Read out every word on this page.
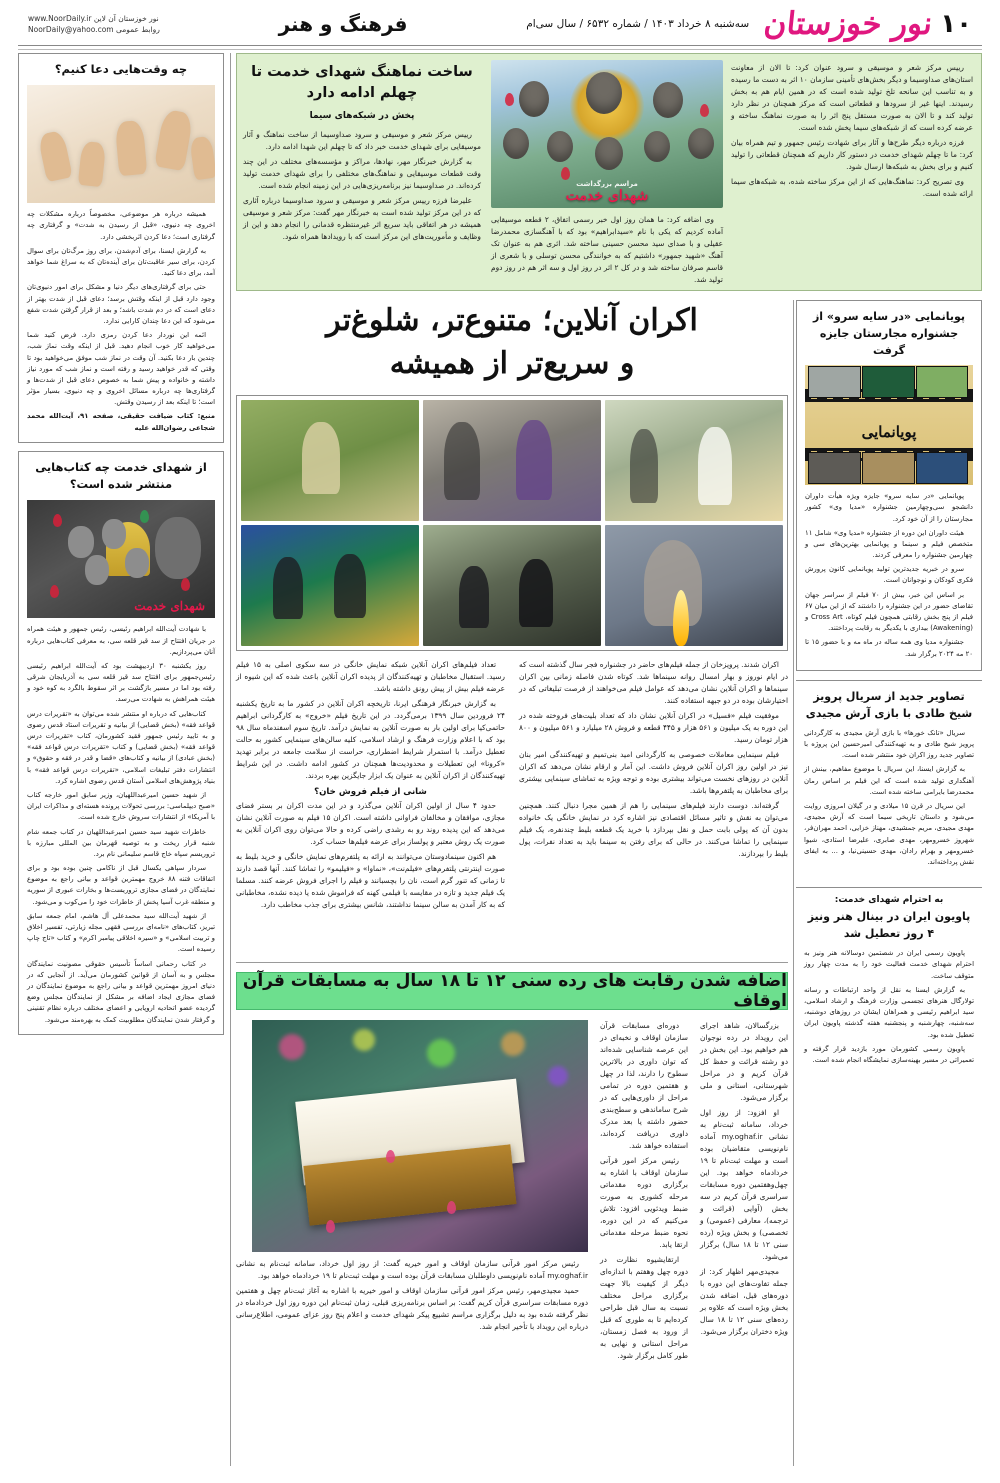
۱۰
نور خوزستان
سه‌شنبه ۸ خرداد ۱۴۰۳ / شماره ۶۵۳۲ / سال سی‌ام
فرهنگ و هنر
نور خوزستان آن لاین www.NoorDaily.ir
روابط عمومی NoorDaily@yahoo.com
ساخت نماهنگ شهدای خدمت تا چهلم ادامه دارد
پخش در شبکه‌های سیما

رییس مرکز شعر و موسیقی و سرود صداوسیما از ساخت نماهنگ و آثار موسیقایی برای شهدای خدمت خبر داد که تا چهلم این شهدا ادامه دارد.

به گزارش خبرنگار مهر، نهادها، مراکز و مؤسسه‌های مختلف در این چند وقت قطعات موسیقایی و نماهنگ‌های مختلفی را برای شهدای خدمت تولید کرده‌اند. در صداوسیما نیز برنامه‌ریزی‌هایی در این زمینه انجام شده است.

علیرضا فرزه رییس مرکز شعر و موسیقی و سرود صداوسیما درباره آثاری که در این مرکز تولید شده است به خبرنگار مهر گفت: مرکز شعر و موسیقی همیشه در هر اتفاقی باید سریع اثر غیرمنتظره قدمانی را انجام دهد و این از وظایف و مأموریت‌های این مرکز است که با رویدادها همراه شود.

مراسم بزرگداشت
شهدای خدمت

وی اضافه کرد: ما همان روز اول خبر رسمی اتفاق، ۲ قطعه موسیقایی آماده کردیم که یکی با نام «سیدابراهیم» بود که با آهنگسازی محمدرضا عقیلی و با صدای سید محسن حسینی ساخته شد. اثری هم به عنوان تک آهنگ «شهید جمهور» داشتیم که به خوانندگی محسن توسلی و با شعری از قاسم صرفان ساخته شد و در کل ۲ اثر در روز اول و سه اثر هم در روز دوم تولید شد.

رییس مرکز شعر و موسیقی و سرود عنوان کرد: تا الان از معاونت استان‌های صداوسیما و دیگر بخش‌های تأمینی سازمان ۱۰ اثر به دست ما رسیده و به تناسب این سانحه تلخ تولید شده است که در همین ایام هم به بخش رسیدند. اینها غیر از سرودها و قطعاتی است که مرکز همچنان در نظر دارد تولید کند و تا الان به صورت مستقل پنج اثر را به صورت نماهنگ ساخته و عرضه کرده است که از شبکه‌های سیما پخش شده است.

فرزه درباره دیگر طرح‌ها و آثار برای شهادت رئیس جمهور و تیم همراه بیان کرد: ما تا چهلم شهدای خدمت در دستور کار داریم که همچنان قطعاتی را تولید کنیم و برای بخش به شبکه‌ها ارسال شود.

وی تصریح کرد: نماهنگ‌هایی که از این مرکز ساخته شده، به شبکه‌های سیما ارائه شده است.

چه وقت‌هایی دعا کنیم؟

همیشه درباره هر موضوعی، مخصوصاً درباره مشکلات چه اخروی چه دنیوی، «قبل از رسیدن به شدت» و گرفتاری چه گرفتاری است؛ دعا کردن اثربخشی دارد.

به گزارش ایسنا، برای آدم‌شدن، برای روز مرگ‌تان برای سوال کردن، برای سیر عاقبت‌تان برای آینده‌تان که به سراغ شما خواهد آمد، برای دعا کنید.

حتی برای گرفتاری‌های دیگر دنیا و مشکل برای امور دنیوی‌تان وجود دارد قبل از اینکه وقتش برسد؛ دعای قبل از شدت بهتر از دعای است که در دم شدت باشد؛ و بعد از قرار گرفتن شدت شفع می‌شود که این دعا چندان کارایی ندارد.

ائمه این نوردار دعا کردن رمزی دارد. فرض کنید شما می‌خواهید کار خوب انجام دهید. قبل از اینکه وقت نماز شب، چندین بار دعا بکنید. آن وقت در نماز شب موفق می‌خواهید بود تا وقتی که قدر خواهید رسید و رفته است و نماز شب که مورد نیاز داشته و خانواده و پیش‌ شما به خصوص دعای قبل از شدت‌ها و گرفتاری‌ها چه درباره مسائل اخروی و چه دنیوی، بسیار مؤثر است؛ تا اینکه بعد از رسیدن وقتش.

منبع: کتاب ضیافت حقیقی، صفحه ۹۱، آیت‌الله محمد شجاعی رضوان‌الله علیه

از شهدای خدمت چه کتاب‌هایی منتشر شده است؟
شهدای خدمت

با شهادت آیت‌الله ابراهیم رئیسی، رئیس جمهور و هیئت همراه در جریان افتتاح از سد قیز قلعه سی، به معرفی کتاب‌هایی درباره آنان می‌پردازیم.

روز یکشنبه ۳۰ اردیبهشت بود که آیت‌الله ابراهیم رئیسی رئیس‌جمهور برای افتتاح سد قیز قلعه سی به آذربایجان شرقی رفته بود اما در مسیر بازگشت بر اثر سقوط بالگرد به کوه خود و هیئت همراهش به شهادت می‌رسد.

کتاب‌هایی که درباره او منتشر شده می‌توان به «تقریرات درس قواعد فقه» (بخش قضایی) از بیانیه و تقریرات استاد قدس رضوی و به تایید رئیس جمهور فقید کشورمان، کتاب «تقریرات درس قواعد فقه» (بخش قضایی) و کتاب «تقریرات درس قواعد فقه» (بخش عبادی) از بیانیه و کتاب‌های «قضا و قدر در فقه و حقوق» و انتشارات دفتر تبلیغات اسلامی، «تقریرات درس قواعد فقه» با بنیاد پژوهش‌های اسلامی آستان قدس رضوی اشاره کرد.

از شهید حسین امیرعبداللهیان، وزیر سابق امور خارجه کتاب «صبح دیپلماسی: بررسی تحولات پرونده هسته‌ای و مذاکرات ایران با آمریکا» از انتشارات سروش خارج شده است.

خاطرات شهید سید حسین امیرعبداللهیان در کتاب جمعه شام شنبه قرار ریخت و به توصیه قهرمان بین المللی مبارزه با تروریسم سپاه خاج قاسم سلیمانی نام برد.

سردار سپاهی یکسال قبل از ناکامی چنین بوده بود و برای اتفاقات فتنه ۸۸ خروج مهمترین قواعد و بیانی راجع به موضوع نمایندگان در فضای مجازی تروریست‌ها و بخارات عبوری از سوریه و منطقه غرب آسیا پخش از خاطرات خود را می‌کوب و می‌شود.

از شهید آیت‌الله سید محمدعلی آل هاشم، امام جمعه سابق تبریز، کتاب‌های «نامه‌ای بررسی فقهی مجله زیارتی، تفسیر اخلاق و تربیت اسلامی» و «سیره اخلاقی پیامبر اکرم» و کتاب «تاج چاپ رسیده است.

در کتاب رحمانی اساساً تأسیس حقوقی مصونیت نمایندگان مجلس و به آسان از قوانین کشورمان می‌آید. از آنجایی که در دنیای امروز مهمترین قواعد و بیانی راجع به موضوع نمایندگان در فضای مجازی ایجاد اضافه بر مشکل از نمایندگان مجلس وضع گردیده عضو اتحادیه اروپایی و اعضای مختلف درباره نظام تقنینی و گرفتار شدن نمایندگان مطلوبیت کمک به بهره‌مند می‌شود.

پویانمایی «در سایه سرو» از جشنواره مجارستان جایزه گرفت
پویانمایی

پویانمایی «در سایه سرو» جایزه ویژه هیأت داوران دانشجو سی‌وچهارمین جشنواره «مدیا وی» کشور مجارستان را از آن خود کرد.

هیئت داوران این دوره از جشنواره «مدیا وی» شامل ۱۱ متخصص فیلم و سینما و پویانمایی بهترین‌های سی و چهارمین جشنواره را معرفی کردند.

سرو در خبریه جدیدترین تولید پویانمایی کانون پرورش فکری کودکان و نوجوانان است.

بر اساس این خبر، بیش از ۷۰ فیلم از سراسر جهان تقاضای حضور در این جشنواره را داشتند که از این میان ۶۷ فیلم از پنج بخش رقابتی همچون فیلم کوتاه، Cross Art و (Awakening) بیداری با یکدیگر به رقابت پرداختند.

جشنواره مدیا وی همه ساله در ماه مه و با حضور ۱۵ تا ۲۰ مه ۲۰۲۴ برگزار شد.

تصاویر جدید از سریال پرویز شیخ طادی با بازی آرش مجیدی

سریال «تانک خورها» با بازی آرش مجیدی به کارگردانی پرویز شیخ طادی و به تهیه‌کنندگی امیرحسین این پروژه با تصاویر جدید روز اکران خود منتشر شده است.

به گزارش ایسنا، این سریال با موضوع مفاهیم، بینش از آهنگداری تولید شده است که این فیلم بر اساس رمان محمدرضا بایرامی ساخته شده است.

این سریال در قرن ۱۵ میلادی و در گیلان امروزی روایت می‌شود و داستان تاریخی سیما است که آرش مجیدی، مهدی مجیدی، مریم جمشیدی، مهناز خزایی، احمد مهران‌فر، شهروز خسرومهر، مهدی صابری، علیرضا استادی، شیوا خسرومهر و بهرام رادان، مهدی حسینی‌نیا، و ... به ایفای نقش پرداخته‌اند.

به احترام شهدای خدمت:
پاویون ایران در بینال هنر ونیز ۴ روز تعطیل شد

پاویون رسمی ایران در شصتمین دوسالانه هنر ونیز به احترام شهدای خدمت فعالیت خود را به مدت چهار روز متوقف ساخت.

به گزارش ایسنا به نقل از واحد ارتباطات و رسانه تولارگال هنرهای تجسمی وزارت فرهنگ و ارشاد اسلامی، سید ابراهیم رئیسی و همراهان ایشان در روزهای دوشنبه، سه‌شنبه، چهارشنبه و پنجشنبه هفته گذشته پاویون ایران تعطیل شده بود.

پاویون رسمی کشورمان مورد بازدید قرار گرفته و تعمیراتی در مسیر بهینه‌سازی نمایشگاه انجام شده است.

اکران آنلاین؛ متنوع‌تر، شلوغ‌تر
و سریع‌تر از همیشه

اکران شدند. پرویزخان از جمله فیلم‌های حاضر در جشنواره فجر سال گذشته است که در ایام نوروز و بهار امسال روانه سینماها شد. کوتاه شدن فاصله زمانی بین اکران سینماها و اکران آنلاین نشان می‌دهد که عوامل فیلم می‌خواهند از فرصت تبلیغاتی که در اختیارشان بوده در دو جبهه استفاده کنند.

موفقیت فیلم «فسیل» در اکران آنلاین نشان داد که تعداد بلیت‌های فروخته شده در این دوره به یک میلیون و ۵۶۱ هزار و ۴۴۵ قطعه و فروش ۲۸ میلیارد و ۵۶۱ میلیون و ۸۰۰ هزار تومان رسید.

فیلم سینمایی معاملات خصوصی به کارگردانی امید بنی‌تمیم و تهیه‌کنندگی امیر بنان نیز در اولین روز اکران آنلاین فروش داشت. این آمار و ارقام نشان می‌دهد که اکران آنلاین در روزهای نخست می‌تواند بیشتری بوده و توجه ویژه به تماشای سینمایی بیشتری برای مخاطبان به پلتفرم‌ها باشد.

گرفته‌اند. دوست دارند فیلم‌های سینمایی را هم از همین مجرا دنبال کنند. همچنین می‌توان به نقش و تاثیر مسائل اقتصادی نیز اشاره کرد در نمایش خانگی یک خانواده بدون آن که پولی بابت حمل و نقل بپردازد با خرید یک قطعه بلیط چندنفره، یک فیلم سینمایی را تماشا می‌کنند. در حالی که برای رفتن به سینما باید به تعداد نفرات، پول بلیط را بپردازند.

تعداد فیلم‌های اکران آنلاین شبکه نمایش خانگی در سه سکوی اصلی به ۱۵ فیلم رسید. استقبال مخاطبان و تهیه‌کنندگان از پدیده اکران آنلاین باعث شده که این شیوه از عرضه فیلم بیش از پیش رونق داشته باشد.

به گزارش خبرنگار فرهنگی ایرنا، تاریخچه اکران آنلاین در کشور ما به تاریخ یکشنبه ۲۴ فروردین سال ۱۳۹۹ برمی‌گردد. در این تاریخ فیلم «خروج» به کارگردانی ابراهیم حاتمی‌کیا برای اولین بار به صورت آنلاین به نمایش درآمد. تاریخ سوم اسفندماه سال ۹۸ بود که با اعلام وزارت فرهنگ و ارشاد اسلامی، کلیه سالن‌های سینمایی کشور به حالت تعطیل درآمد. با استمرار شرایط اضطراری، حراست از سلامت جامعه در برابر تهدید «کرونا» این تعطیلات و محدودیت‌ها همچنان در کشور ادامه داشت. در این شرایط تهیه‌کنندگان از اکران آنلاین به عنوان یک ابزار جایگزین بهره بردند.

شانی از فیلم فروش خان؟

حدود ۴ سال از اولین اکران آنلاین می‌گذرد و در این مدت اکران بر بستر فضای مجازی، موافقان و مخالفان فراوانی داشته است. اکران ۱۵ فیلم به صورت آنلاین نشان می‌دهد که این پدیده روند رو به رشدی راضی کرده و حالا می‌توان روی اکران آنلاین به صورت یک روش معتبر و پولساز برای عرضه فیلم‌ها حساب کرد.

هم اکنون سینمادوستان می‌توانند به ارائه به پلتفرم‌های نمایش خانگی و خرید بلیط به صورت اینترنتی پلتفرم‌های «فیلم‌نت»، «نماوا» و «فیلیمو» را تماشا کنند. آنها قصد دارند تا زمانی که تنور گرم است، نان را بچسبانند و فیلم را اجرای فروش عرضه کنند. مسلما یک فیلم جدید و تازه در مقایسه با فیلمی کهنه که فراموش شده یا دیده نشده، مخاطبانی که به کار آمدن به سالن سینما نداشتند، شانس بیشتری برای جذب مخاطب دارد.

اضافه شدن رقابت های رده سنی ۱۲ تا ۱۸ سال به مسابقات قرآن اوقاف

بزرگسالان، شاهد اجرای این رویداد در رده نوجوان هم خواهیم بود. این بخش در دو رشته قرائت و حفظ کل قرآن کریم و در مراحل شهرستانی، استانی و ملی برگزار می‌شود.

او افزود: از روز اول خرداد، سامانه ثبت‌نام به نشانی my.oghaf.ir آماده نام‌نویسی متقاضیان بوده است و مهلت ثبت‌نام تا ۱۹ خردادماه خواهد بود. این چهل‌وهفتمین دوره مسابقات سراسری قرآن کریم در سه بخش (آوایی (قرائت و ترجمه)، معارفی (عمومی) و تخصصی) و بخش ویژه (رده سنی ۱۲ تا ۱۸ سال) برگزار می‌شود.

مجیدی‌مهر اظهار کرد: از جمله تفاوت‌های این دوره با دوره‌های قبل، اضافه شدن بخش ویژه است که علاوه بر رده‌های سنی ۱۲ تا ۱۸ سال ویژه دختران برگزار می‌شود.

دوره‌ای مسابقات قرآن سازمان اوقاف و نخبه‌ای در این عرصه شناسایی شده‌اند که توان داوری در بالاترین سطوح را دارند، لذا در چهل و هفتمین دوره در تمامی مراحل از داوری‌هایی که در شرح ساماندهی و سطح‌بندی حضور داشته یا بعد مدرک داوری دریافت کرده‌اند، استفاده خواهد شد.

رئیس مرکز امور قرآنی سازمان اوقاف با اشاره به برگزاری دوره مقدماتی مرحله کشوری به صورت ضبط ویدئویی افزود: تلاش می‌کنیم که در این دوره، نحوه ضبط مرحله مقدماتی ارتقا یابد.

ارتقایشیوه نظارت در دوره چهل وهفتم با اندازه‌ای دیگر از کیفیت بالا جهت برگزاری مراحل مختلف نسبت به سال قبل طراحی کرده‌ایم تا به طوری که قبل از ورود به فصل زمستان، مراحل استانی و نهایی به طور کامل برگزار شود.

رئیس مرکز امور قرآنی سازمان اوقاف و امور خیریه گفت: از روز اول خرداد، سامانه ثبت‌نام به نشانی my.oghaf.ir آماده نام‌نویسی داوطلبان مسابقات قرآن بوده است و مهلت ثبت‌نام تا ۱۹ خردادماه خواهد بود.

حمید مجیدی‌مهر، رئیس مرکز امور قرآنی سازمان اوقاف و امور خیریه با اشاره به آغاز ثبت‌نام چهل و هفتمین دوره مسابقات سراسری قرآن کریم گفت: بر اساس برنامه‌ریزی قبلی، زمان ثبت‌نام این دوره روز اول خردادماه در نظر گرفته شده بود به دلیل برگزاری مراسم تشییع پیکر شهدای خدمت و اعلام پنج روز عزای عمومی، اطلاع‌رسانی درباره این رویداد با تأخیر انجام شد.
